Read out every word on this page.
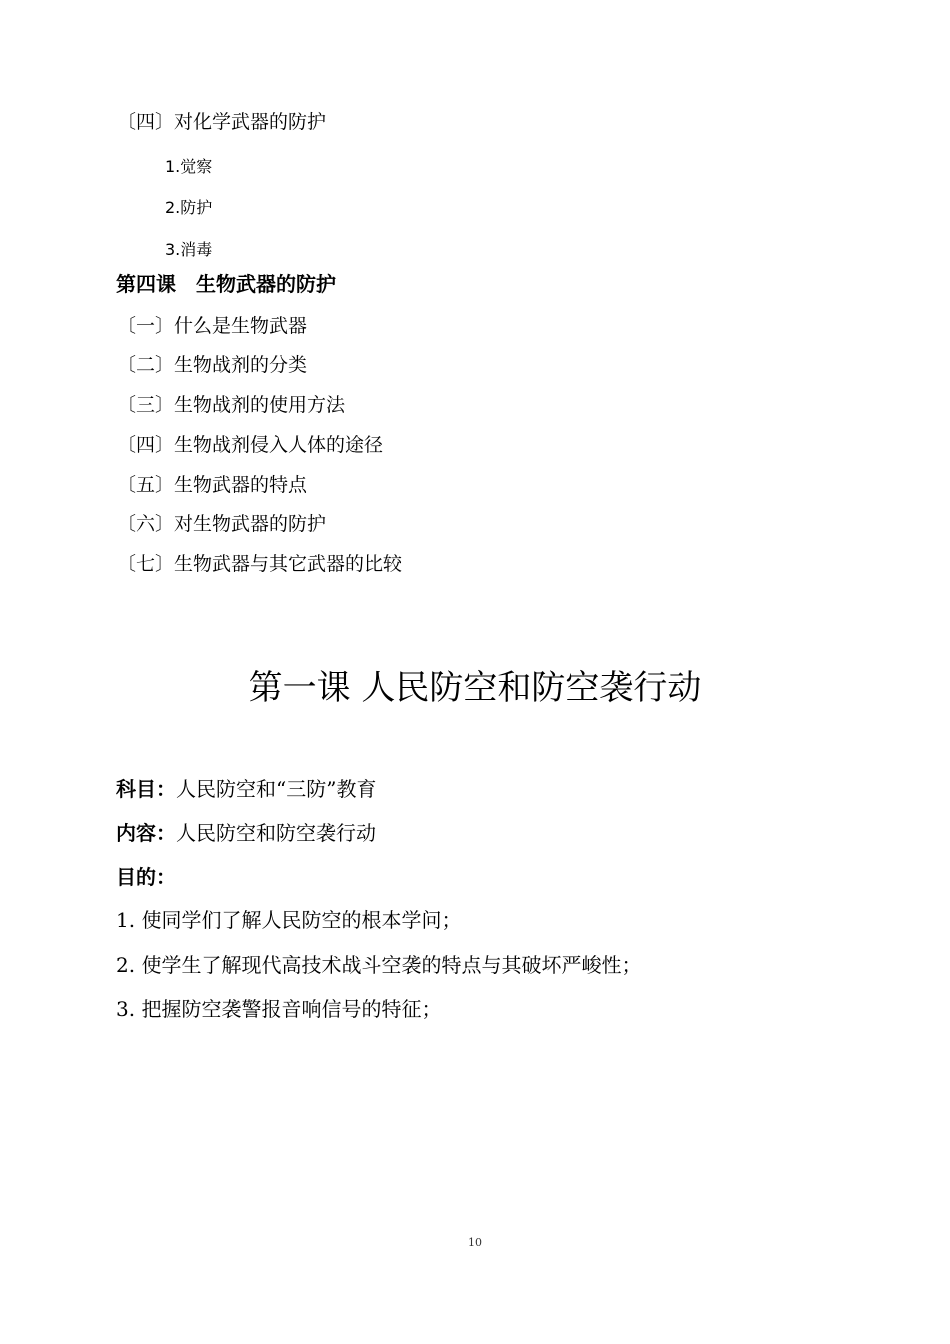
〔四〕对化学武器的防护
1.觉察
2.防护
3.消毒
第四课　生物武器的防护
〔一〕什么是生物武器
〔二〕生物战剂的分类
〔三〕生物战剂的使用方法
〔四〕生物战剂侵入人体的途径
〔五〕生物武器的特点
〔六〕对生物武器的防护
〔七〕生物武器与其它武器的比较
第一课 人民防空和防空袭行动
科目：人民防空和“三防”教育
内容：人民防空和防空袭行动
目的：
1. 使同学们了解人民防空的根本学问；
2. 使学生了解现代高技术战斗空袭的特点与其破坏严峻性；
3. 把握防空袭警报音响信号的特征；
10
